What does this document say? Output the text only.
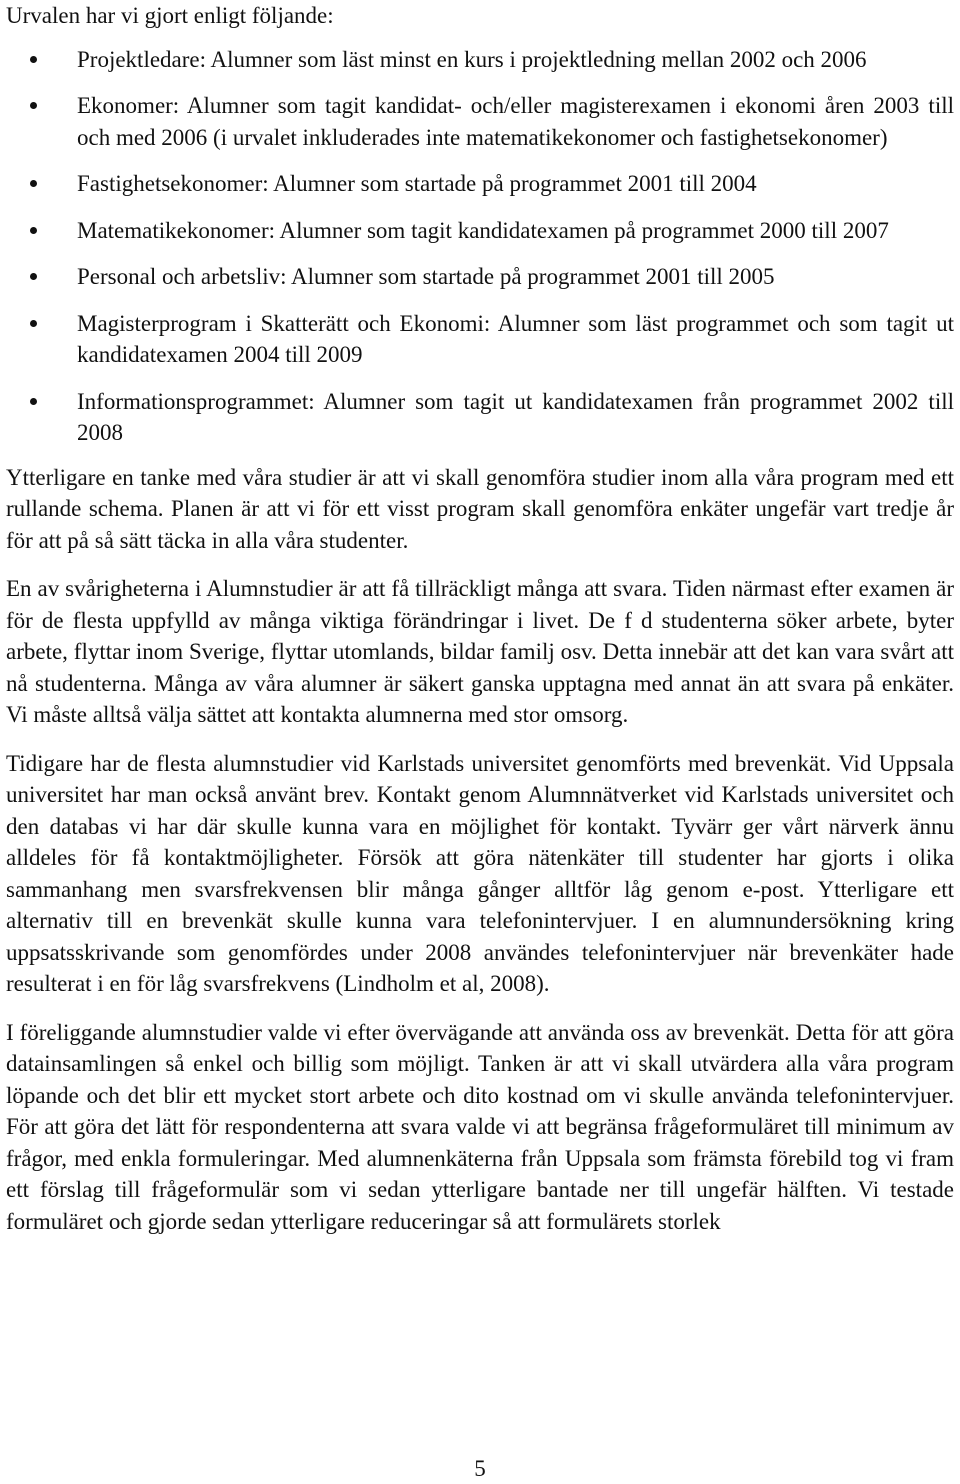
Urvalen har vi gjort enligt följande:

Projektledare: Alumner som läst minst en kurs i projektledning mellan 2002 och 2006
Ekonomer: Alumner som tagit kandidat- och/eller magisterexamen i ekonomi åren 2003 till och med 2006 (i urvalet inkluderades inte matematikekonomer och fastighetsekonomer)
Fastighetsekonomer: Alumner som startade på programmet 2001 till 2004
Matematikekonomer: Alumner som tagit kandidatexamen på programmet 2000 till 2007
Personal och arbetsliv: Alumner som startade på programmet 2001 till 2005
Magisterprogram i Skatterätt och Ekonomi: Alumner som läst programmet och som tagit ut kandidatexamen 2004 till 2009
Informationsprogrammet: Alumner som tagit ut kandidatexamen från programmet 2002 till 2008

Ytterligare en tanke med våra studier är att vi skall genomföra studier inom alla våra program med ett rullande schema. Planen är att vi för ett visst program skall genomföra enkäter ungefär vart tredje år för att på så sätt täcka in alla våra studenter.

En av svårigheterna i Alumnstudier är att få tillräckligt många att svara. Tiden närmast efter examen är för de flesta uppfylld av många viktiga förändringar i livet. De f d studenterna söker arbete, byter arbete, flyttar inom Sverige, flyttar utomlands, bildar familj osv. Detta innebär att det kan vara svårt att nå studenterna. Många av våra alumner är säkert ganska upptagna med annat än att svara på enkäter. Vi måste alltså välja sättet att kontakta alumnerna med stor omsorg.

Tidigare har de flesta alumnstudier vid Karlstads universitet genomförts med brevenkät. Vid Uppsala universitet har man också använt brev. Kontakt genom Alumnnätverket vid Karlstads universitet och den databas vi har där skulle kunna vara en möjlighet för kontakt. Tyvärr ger vårt närverk ännu alldeles för få kontaktmöjligheter. Försök att göra nätenkäter till studenter har gjorts i olika sammanhang men svarsfrekvensen blir många gånger alltför låg genom e-post. Ytterligare ett alternativ till en brevenkät skulle kunna vara telefonintervjuer. I en alumnundersökning kring uppsatsskrivande som genomfördes under 2008 användes telefonintervjuer när brevenkäter hade resulterat i en för låg svarsfrekvens (Lindholm et al, 2008).

I föreliggande alumnstudier valde vi efter övervägande att använda oss av brevenkät. Detta för att göra datainsamlingen så enkel och billig som möjligt. Tanken är att vi skall utvärdera alla våra program löpande och det blir ett mycket stort arbete och dito kostnad om vi skulle använda telefonintervjuer. För att göra det lätt för respondenterna att svara valde vi att begränsa frågeformuläret till minimum av frågor, med enkla formuleringar. Med alumnenkäterna från Uppsala som främsta förebild tog vi fram ett förslag till frågeformulär som vi sedan ytterligare bantade ner till ungefär hälften. Vi testade formuläret och gjorde sedan ytterligare reduceringar så att formulärets storlek

5
